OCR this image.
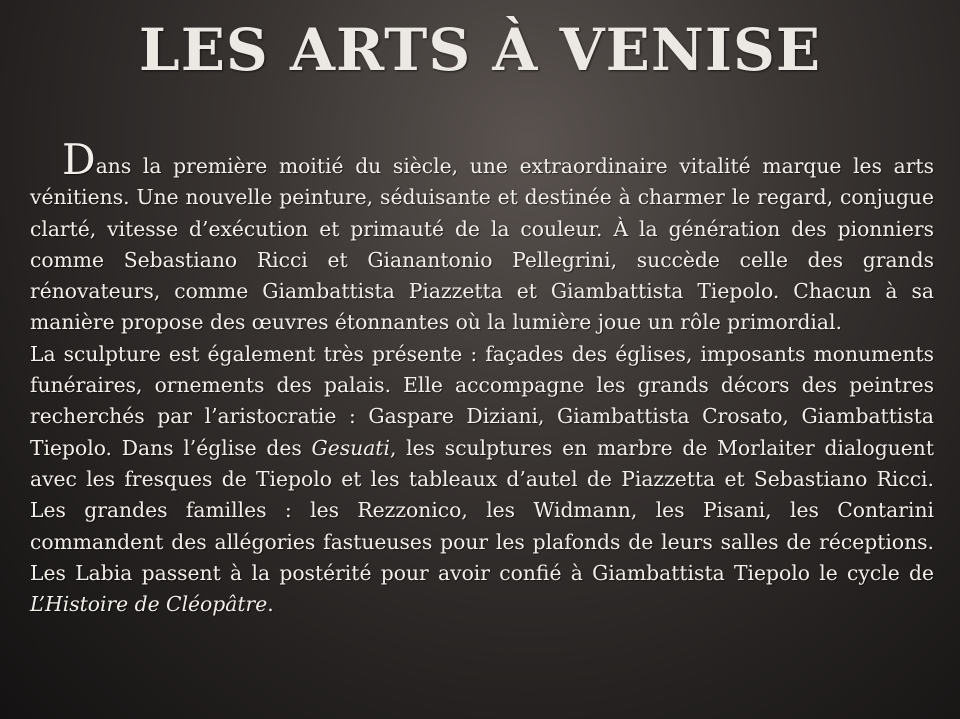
LES ARTS À VENISE

Dans la première moitié du siècle, une extraordinaire vitalité marque les arts vénitiens. Une nouvelle peinture, séduisante et destinée à charmer le regard, conjugue clarté, vitesse d’exécution et primauté de la couleur. À la génération des pionniers comme Sebastiano Ricci et Gianantonio Pellegrini, succède celle des grands rénovateurs, comme Giambattista Piazzetta et Giambattista Tiepolo. Chacun à sa manière propose des œuvres étonnantes où la lumière joue un rôle primordial.

La sculpture est également très présente : façades des églises, imposants monuments funéraires, ornements des palais. Elle accompagne les grands décors des peintres recherchés par l’aristocratie : Gaspare Diziani, Giambattista Crosato, Giambattista Tiepolo. Dans l’église des Gesuati, les sculptures en marbre de Morlaiter dialoguent avec les fresques de Tiepolo et les tableaux d’autel de Piazzetta et Sebastiano Ricci. Les grandes familles : les Rezzonico, les Widmann, les Pisani, les Contarini commandent des allégories fastueuses pour les plafonds de leurs salles de réceptions. Les Labia passent à la postérité pour avoir confié à Giambattista Tiepolo le cycle de L’Histoire de Cléopâtre.
